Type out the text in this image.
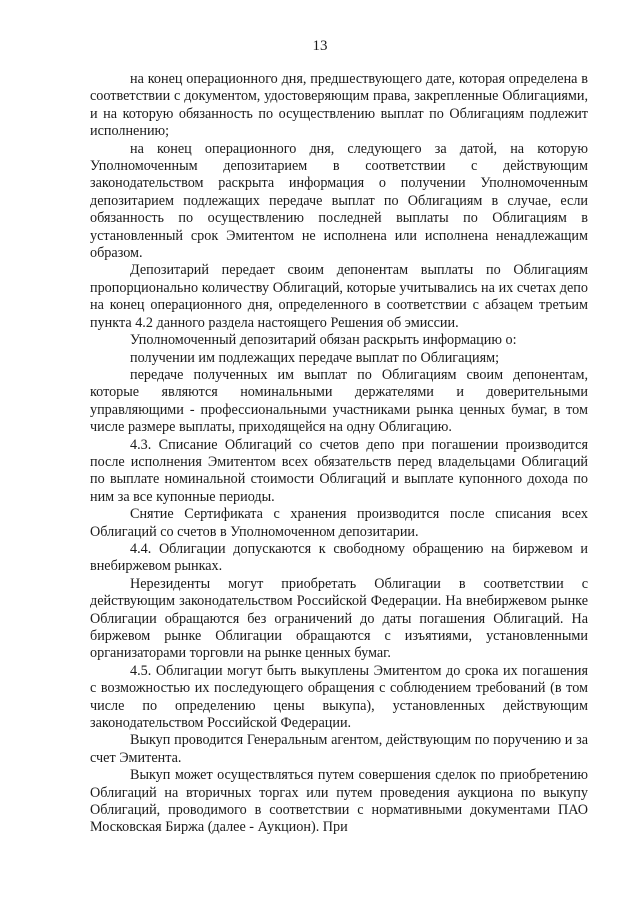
13

на конец операционного дня, предшествующего дате, которая определена в соответствии с документом, удостоверяющим права, закрепленные Облигациями, и на которую обязанность по осуществлению выплат по Облигациям подлежит исполнению;

на конец операционного дня, следующего за датой, на которую Уполномоченным депозитарием в соответствии с действующим законодательством раскрыта информация о получении Уполномоченным депозитарием подлежащих передаче выплат по Облигациям в случае, если обязанность по осуществлению последней выплаты по Облигациям в установленный срок Эмитентом не исполнена или исполнена ненадлежащим образом.

Депозитарий передает своим депонентам выплаты по Облигациям пропорционально количеству Облигаций, которые учитывались на их счетах депо на конец операционного дня, определенного в соответствии с абзацем третьим пункта 4.2 данного раздела настоящего Решения об эмиссии.

Уполномоченный депозитарий обязан раскрыть информацию о:

получении им подлежащих передаче выплат по Облигациям;

передаче полученных им выплат по Облигациям своим депонентам, которые являются номинальными держателями и доверительными управляющими - профессиональными участниками рынка ценных бумаг, в том числе размере выплаты, приходящейся на одну Облигацию.

4.3. Списание Облигаций со счетов депо при погашении производится после исполнения Эмитентом всех обязательств перед владельцами Облигаций по выплате номинальной стоимости Облигаций и выплате купонного дохода по ним за все купонные периоды.

Снятие Сертификата с хранения производится после списания всех Облигаций со счетов в Уполномоченном депозитарии.

4.4. Облигации допускаются к свободному обращению на биржевом и внебиржевом рынках.

Нерезиденты могут приобретать Облигации в соответствии с действующим законодательством Российской Федерации. На внебиржевом рынке Облигации обращаются без ограничений до даты погашения Облигаций. На биржевом рынке Облигации обращаются с изъятиями, установленными организаторами торговли на рынке ценных бумаг.

4.5. Облигации могут быть выкуплены Эмитентом до срока их погашения с возможностью их последующего обращения с соблюдением требований (в том числе по определению цены выкупа), установленных действующим законодательством Российской Федерации.

Выкуп проводится Генеральным агентом, действующим по поручению и за счет Эмитента.

Выкуп может осуществляться путем совершения сделок по приобретению Облигаций на вторичных торгах или путем проведения аукциона по выкупу Облигаций, проводимого в соответствии с нормативными документами ПАО Московская Биржа (далее - Аукцион). При
